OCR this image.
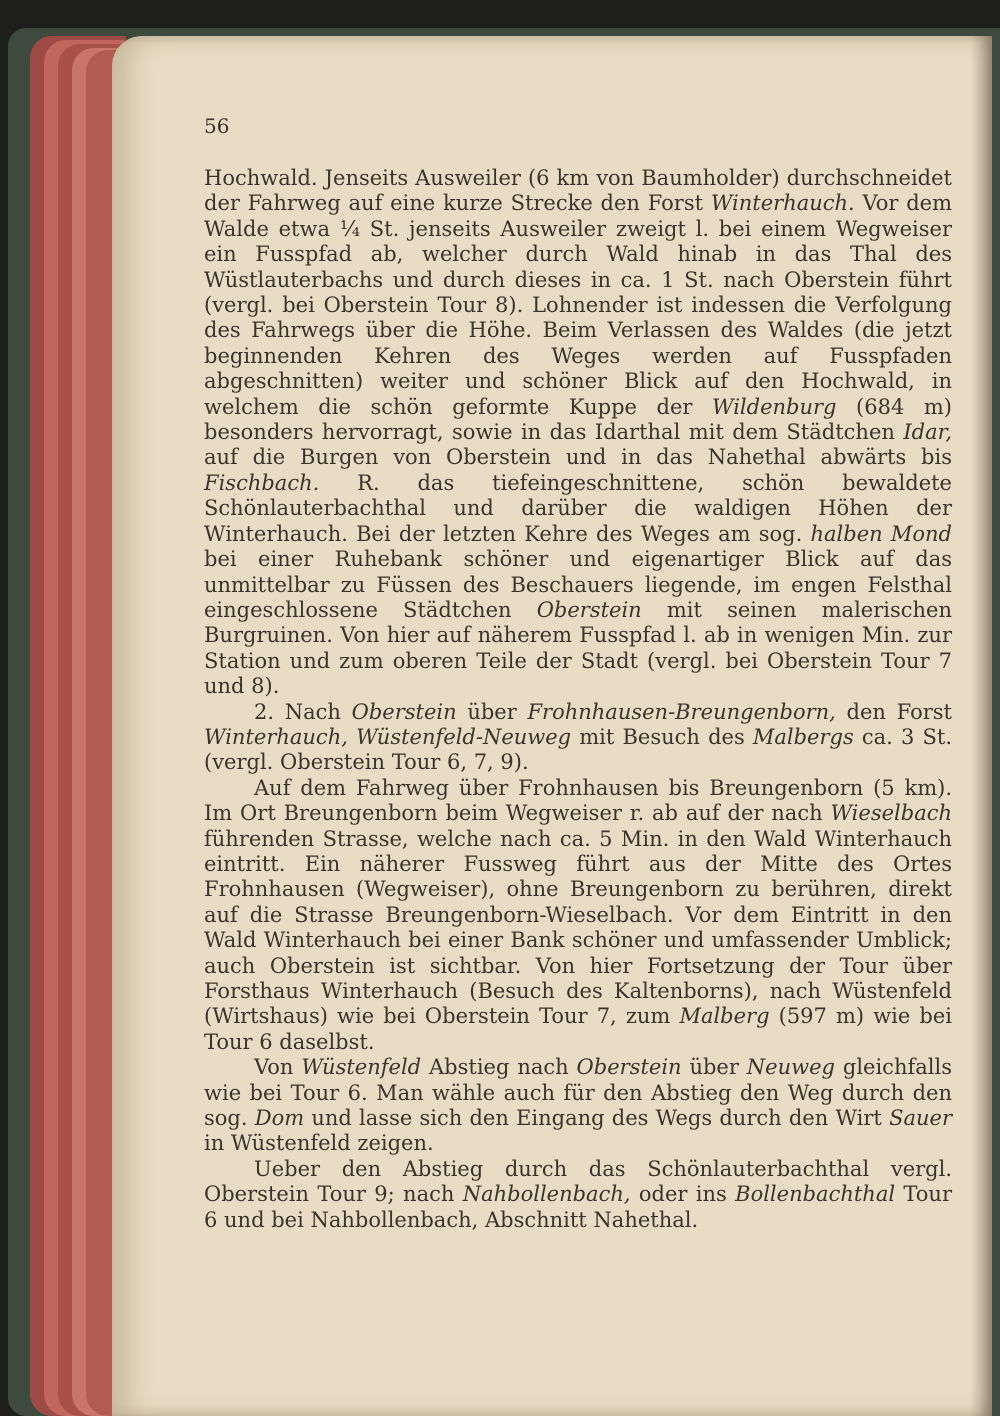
56

Hochwald. Jenseits Ausweiler (6 km von Baumholder) durchschneidet der Fahrweg auf eine kurze Strecke den Forst Winterhauch. Vor dem Walde etwa ¼ St. jenseits Ausweiler zweigt l. bei einem Wegweiser ein Fusspfad ab, welcher durch Wald hinab in das Thal des Wüstlauterbachs und durch dieses in ca. 1 St. nach Oberstein führt (vergl. bei Oberstein Tour 8). Lohnender ist indessen die Verfolgung des Fahrwegs über die Höhe. Beim Verlassen des Waldes (die jetzt beginnenden Kehren des Weges werden auf Fusspfaden abgeschnitten) weiter und schöner Blick auf den Hochwald, in welchem die schön geformte Kuppe der Wildenburg (684 m) besonders hervorragt, sowie in das Idarthal mit dem Städtchen Idar, auf die Burgen von Oberstein und in das Nahethal abwärts bis Fischbach. R. das tiefeingeschnittene, schön bewaldete Schönlauterbachthal und darüber die waldigen Höhen der Winterhauch. Bei der letzten Kehre des Weges am sog. halben Mond bei einer Ruhebank schöner und eigenartiger Blick auf das unmittelbar zu Füssen des Beschauers liegende, im engen Felsthal eingeschlossene Städtchen Oberstein mit seinen malerischen Burgruinen. Von hier auf näherem Fusspfad l. ab in wenigen Min. zur Station und zum oberen Teile der Stadt (vergl. bei Oberstein Tour 7 und 8).

2. Nach Oberstein über Frohnhausen-Breungenborn, den Forst Winterhauch, Wüstenfeld-Neuweg mit Besuch des Malbergs ca. 3 St. (vergl. Oberstein Tour 6, 7, 9).

Auf dem Fahrweg über Frohnhausen bis Breungenborn (5 km). Im Ort Breungenborn beim Wegweiser r. ab auf der nach Wieselbach führenden Strasse, welche nach ca. 5 Min. in den Wald Winterhauch eintritt. Ein näherer Fussweg führt aus der Mitte des Ortes Frohnhausen (Wegweiser), ohne Breungenborn zu berühren, direkt auf die Strasse Breungenborn-Wieselbach. Vor dem Eintritt in den Wald Winterhauch bei einer Bank schöner und umfassender Umblick; auch Oberstein ist sichtbar. Von hier Fortsetzung der Tour über Forsthaus Winterhauch (Besuch des Kaltenborns), nach Wüstenfeld (Wirtshaus) wie bei Oberstein Tour 7, zum Malberg (597 m) wie bei Tour 6 daselbst.

Von Wüstenfeld Abstieg nach Oberstein über Neuweg gleichfalls wie bei Tour 6. Man wähle auch für den Abstieg den Weg durch den sog. Dom und lasse sich den Eingang des Wegs durch den Wirt Sauer in Wüstenfeld zeigen.

Ueber den Abstieg durch das Schönlauterbachthal vergl. Oberstein Tour 9; nach Nahbollenbach, oder ins Bollenbachthal Tour 6 und bei Nahbollenbach, Abschnitt Nahethal.
